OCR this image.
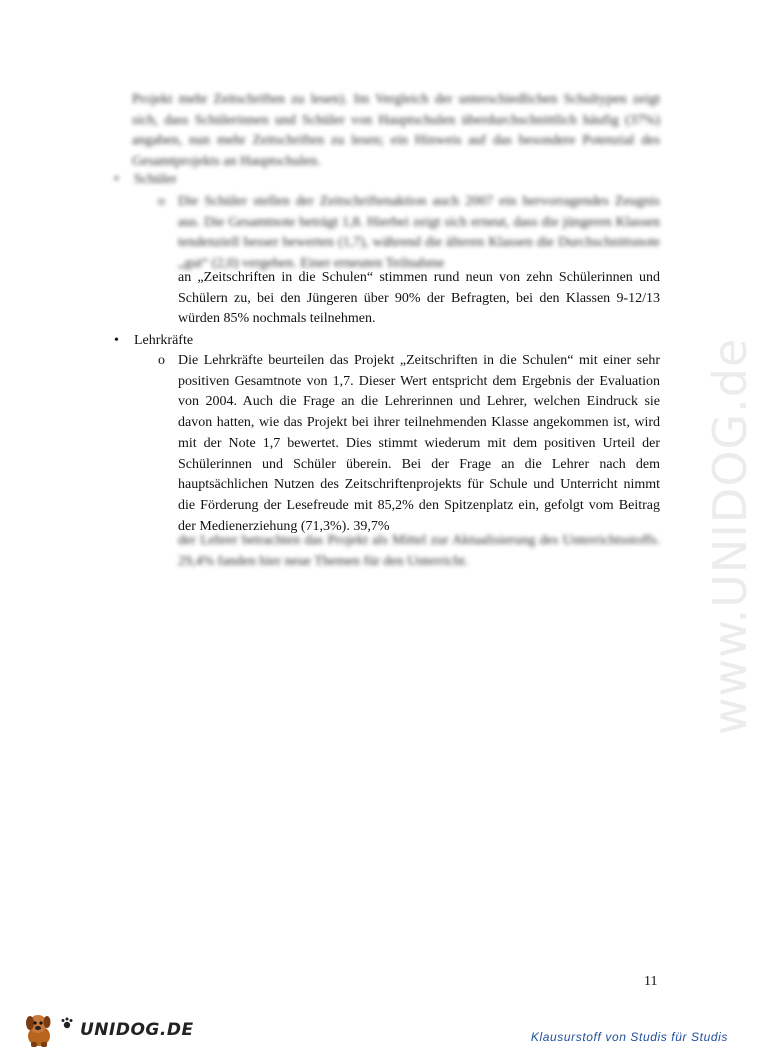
www.UNIDOG.de
Projekt mehr Zeitschriften zu lesen). Im Vergleich der unterschiedlichen Schultypen zeigt sich, dass Schülerinnen und Schüler von Hauptschulen überdurchschnittlich häufig (37%) angaben, nun mehr Zeitschriften zu lesen; ein Hinweis auf das besondere Potenzial des Gesamtprojekts an Hauptschulen.
• Schüler
o Die Schüler stellen der Zeitschriftenaktion auch 2007 ein hervorragendes Zeugnis aus. Die Gesamtnote beträgt 1,8. Hierbei zeigt sich erneut, dass die jüngeren Klassen tendenziell besser bewerten (1,7), während die älteren Klassen die Durchschnittsnote „gut“ (2,0) vergeben. Einer erneuten Teilnahme
an „Zeitschriften in die Schulen“ stimmen rund neun von zehn Schülerinnen und Schülern zu, bei den Jüngeren über 90% der Befragten, bei den Klassen 9-12/13 würden 85% nochmals teilnehmen.
• Lehrkräfte
o Die Lehrkräfte beurteilen das Projekt „Zeitschriften in die Schulen“ mit einer sehr positiven Gesamtnote von 1,7. Dieser Wert entspricht dem Ergebnis der Evaluation von 2004. Auch die Frage an die Lehrerinnen und Lehrer, welchen Eindruck sie davon hatten, wie das Projekt bei ihrer teilnehmenden Klasse angekommen ist, wird mit der Note 1,7 bewertet. Dies stimmt wiederum mit dem positiven Urteil der Schülerinnen und Schüler überein. Bei der Frage an die Lehrer nach dem hauptsächlichen Nutzen des Zeitschriftenprojekts für Schule und Unterricht nimmt die Förderung der Lesefreude mit 85,2% den Spitzenplatz ein, gefolgt vom Beitrag der Medienerziehung (71,3%). 39,7%
der Lehrer betrachten das Projekt als Mittel zur Aktualisierung des Unterrichtsstoffs. 29,4% fanden hier neue Themen für den Unterricht.
11
UNIDOG.DE	Klausurstoff von Studis für Studis
